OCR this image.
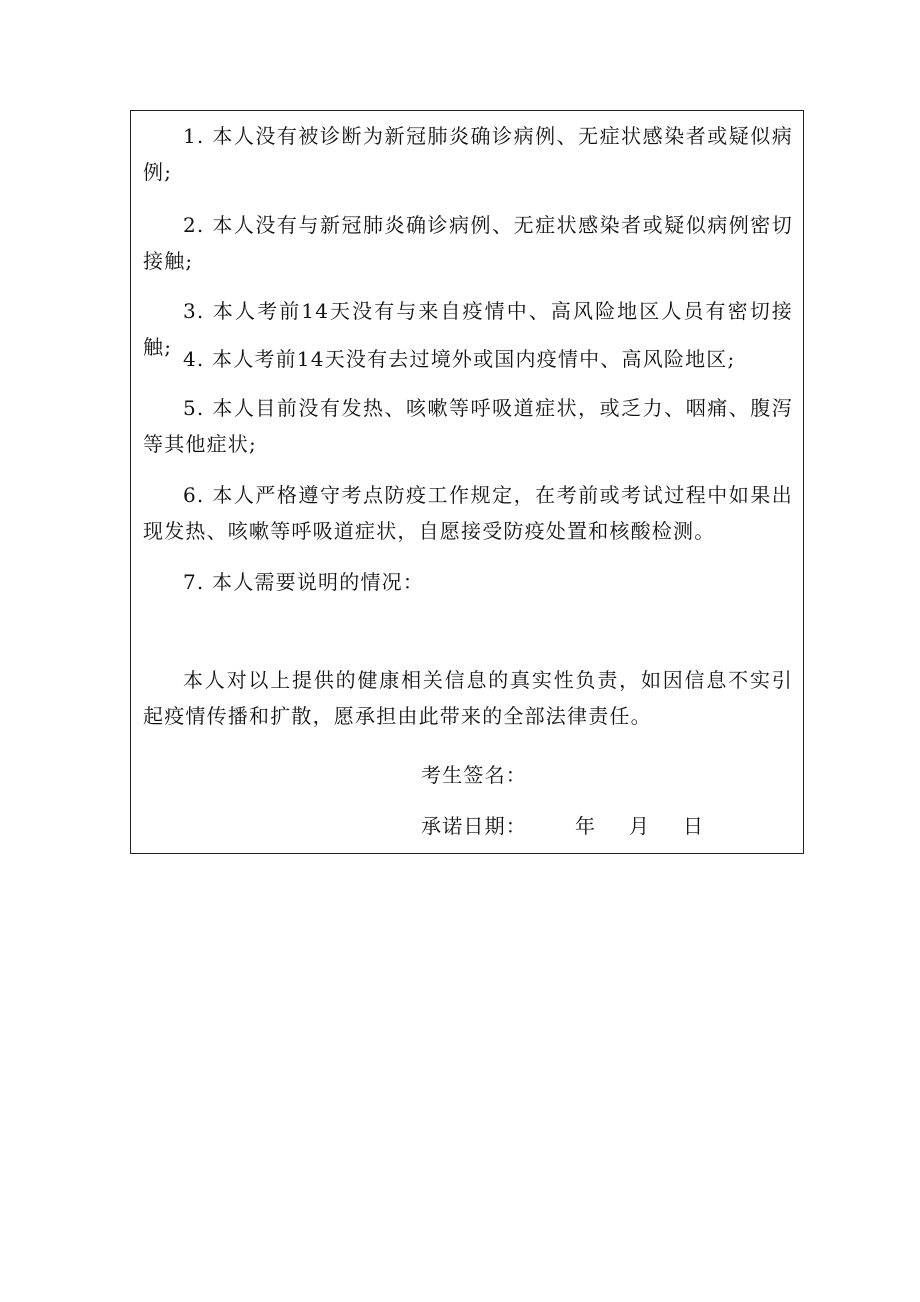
1. 本人没有被诊断为新冠肺炎确诊病例、无症状感染者或疑似病例;

2. 本人没有与新冠肺炎确诊病例、无症状感染者或疑似病例密切接触;

3. 本人考前14天没有与来自疫情中、高风险地区人员有密切接触; 4. 本人考前14天没有去过境外或国内疫情中、高风险地区;

5. 本人目前没有发热、咳嗽等呼吸道症状，或乏力、咽痛、腹泻等其他症状;

6. 本人严格遵守考点防疫工作规定，在考前或考试过程中如果出现发热、咳嗽等呼吸道症状，自愿接受防疫处置和核酸检测。

7. 本人需要说明的情况：

本人对以上提供的健康相关信息的真实性负责，如因信息不实引起疫情传播和扩散，愿承担由此带来的全部法律责任。

考生签名：
承诺日期： 年 月 日
